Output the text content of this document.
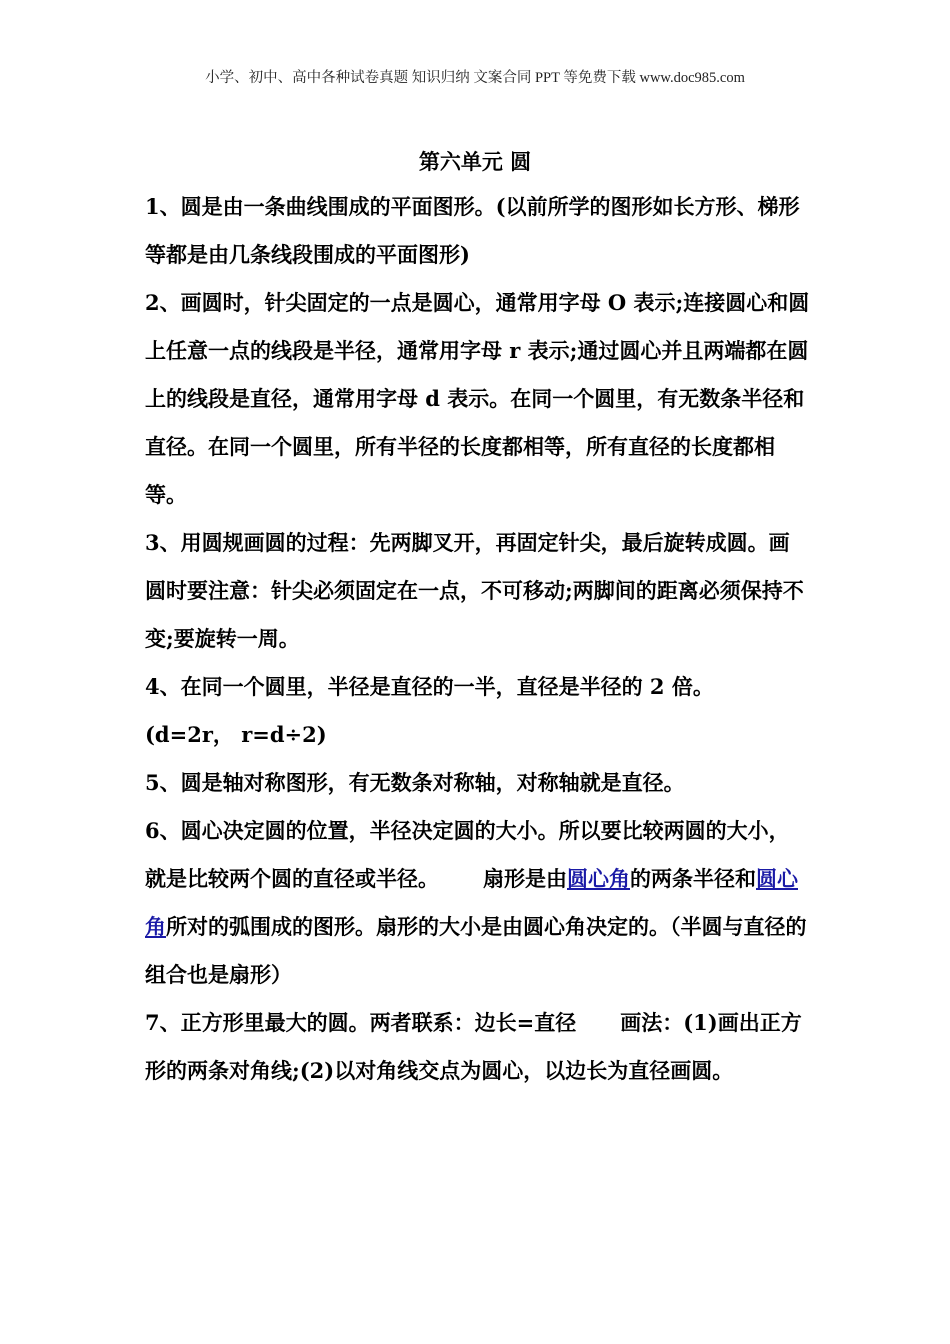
小学、初中、高中各种试卷真题 知识归纳 文案合同 PPT 等免费下载 www.doc985.com
第六单元 圆

1、圆是由一条曲线围成的平面图形。(以前所学的图形如长方形、梯形等都是由几条线段围成的平面图形)

2、画圆时，针尖固定的一点是圆心，通常用字母 O 表示;连接圆心和圆上任意一点的线段是半径，通常用字母 r 表示;通过圆心并且两端都在圆上的线段是直径，通常用字母 d 表示。在同一个圆里，有无数条半径和直径。在同一个圆里，所有半径的长度都相等，所有直径的长度都相等。

3、用圆规画圆的过程：先两脚叉开，再固定针尖，最后旋转成圆。画圆时要注意：针尖必须固定在一点，不可移动;两脚间的距离必须保持不变;要旋转一周。

4、在同一个圆里，半径是直径的一半，直径是半径的 2 倍。

(d=2r， r=d÷2)

5、圆是轴对称图形，有无数条对称轴，对称轴就是直径。

6、圆心决定圆的位置，半径决定圆的大小。所以要比较两圆的大小，就是比较两个圆的直径或半径。 扇形是由圆心角的两条半径和圆心角所对的弧围成的图形。扇形的大小是由圆心角决定的。（半圆与直径的组合也是扇形）

7、正方形里最大的圆。两者联系：边长=直径 画法：(1)画出正方形的两条对角线;(2)以对角线交点为圆心，以边长为直径画圆。
